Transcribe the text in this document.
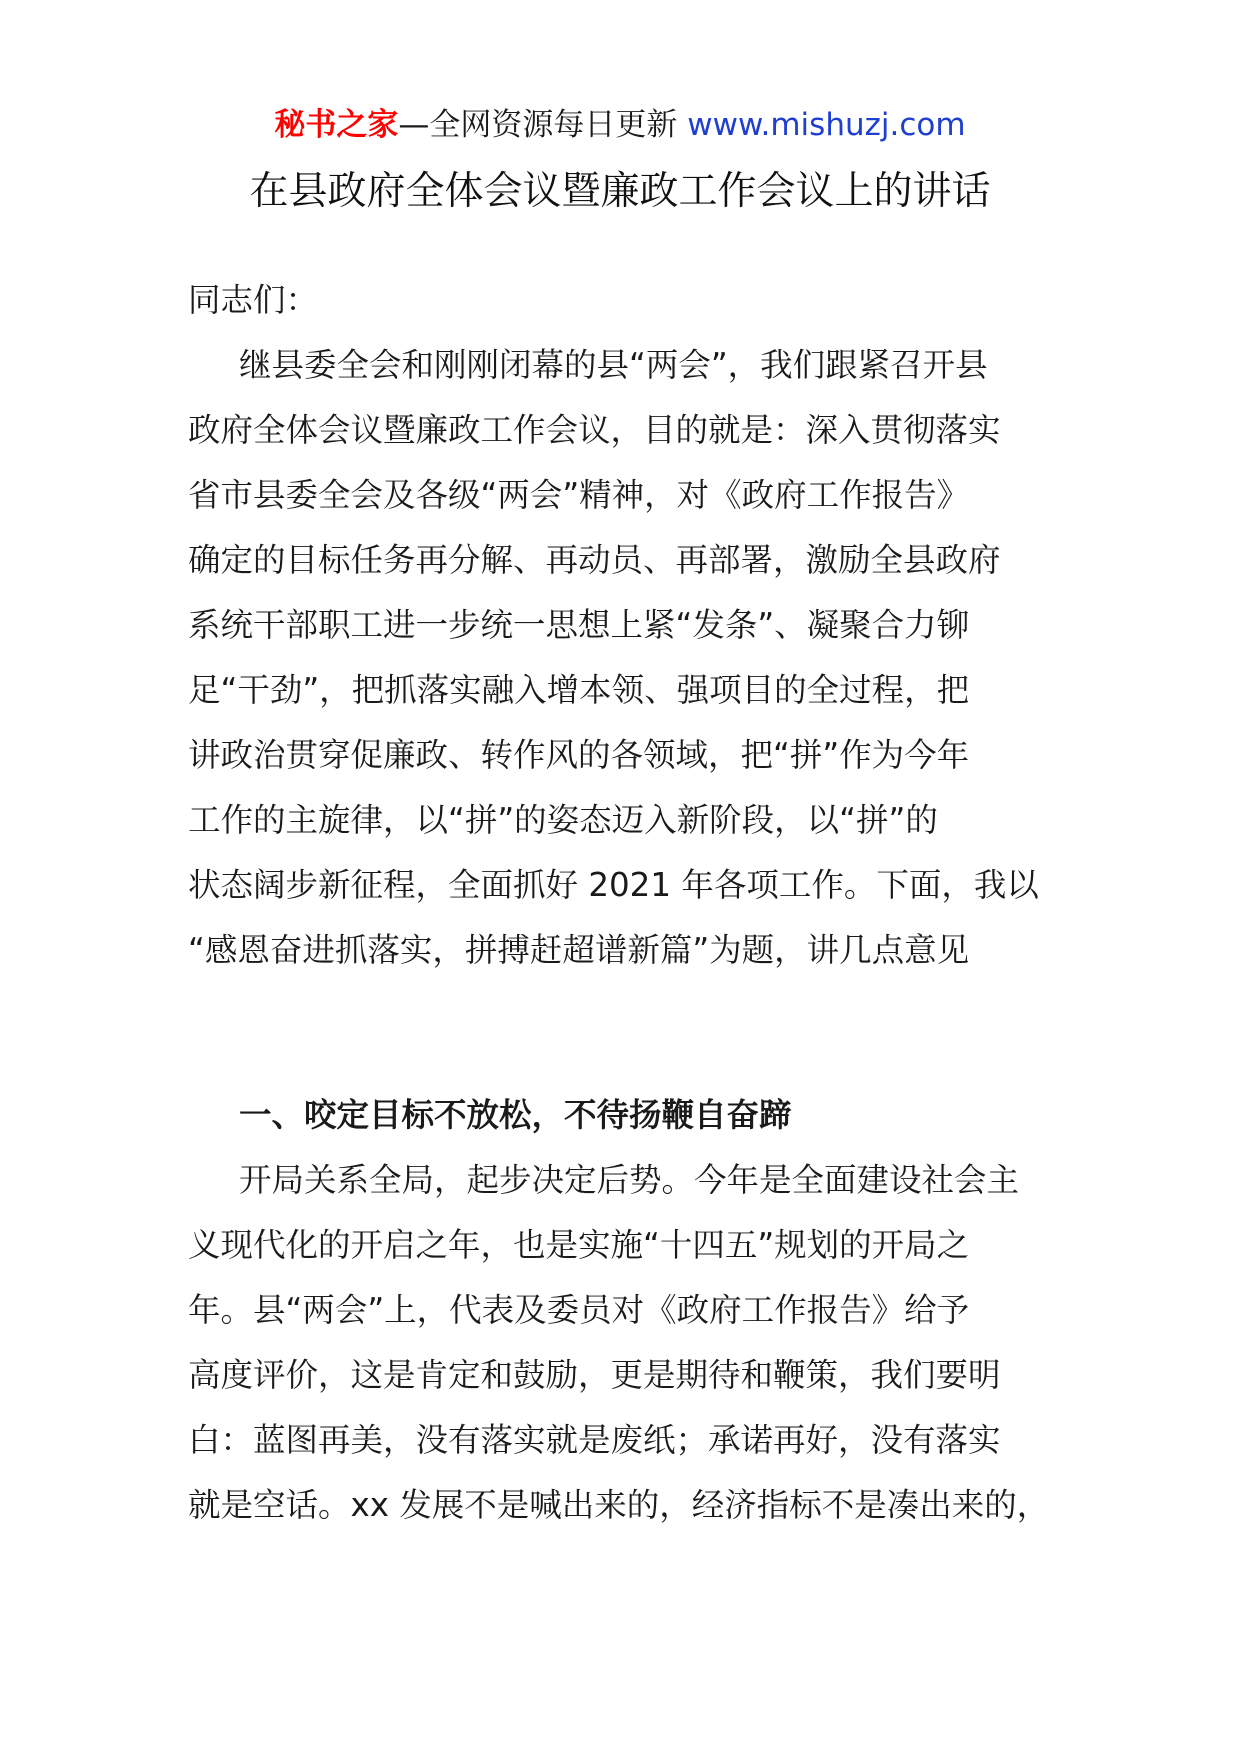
秘书之家—全网资源每日更新 www.mishuzj.com
在县政府全体会议暨廉政工作会议上的讲话
同志们：
继县委全会和刚刚闭幕的县“两会”，我们跟紧召开县
政府全体会议暨廉政工作会议，目的就是：深入贯彻落实
省市县委全会及各级“两会”精神，对《政府工作报告》
确定的目标任务再分解、再动员、再部署，激励全县政府
系统干部职工进一步统一思想上紧“发条”、凝聚合力铆
足“干劲”，把抓落实融入增本领、强项目的全过程，把
讲政治贯穿促廉政、转作风的各领域，把“拼”作为今年
工作的主旋律，以“拼”的姿态迈入新阶段，以“拼”的
状态阔步新征程，全面抓好 2021 年各项工作。下面，我以
“感恩奋进抓落实，拼搏赶超谱新篇”为题，讲几点意见
一、咬定目标不放松，不待扬鞭自奋蹄
开局关系全局，起步决定后势。今年是全面建设社会主
义现代化的开启之年，也是实施“十四五”规划的开局之
年。县“两会”上，代表及委员对《政府工作报告》给予
高度评价，这是肯定和鼓励，更是期待和鞭策，我们要明
白：蓝图再美，没有落实就是废纸；承诺再好，没有落实
就是空话。xx 发展不是喊出来的，经济指标不是凑出来的，
